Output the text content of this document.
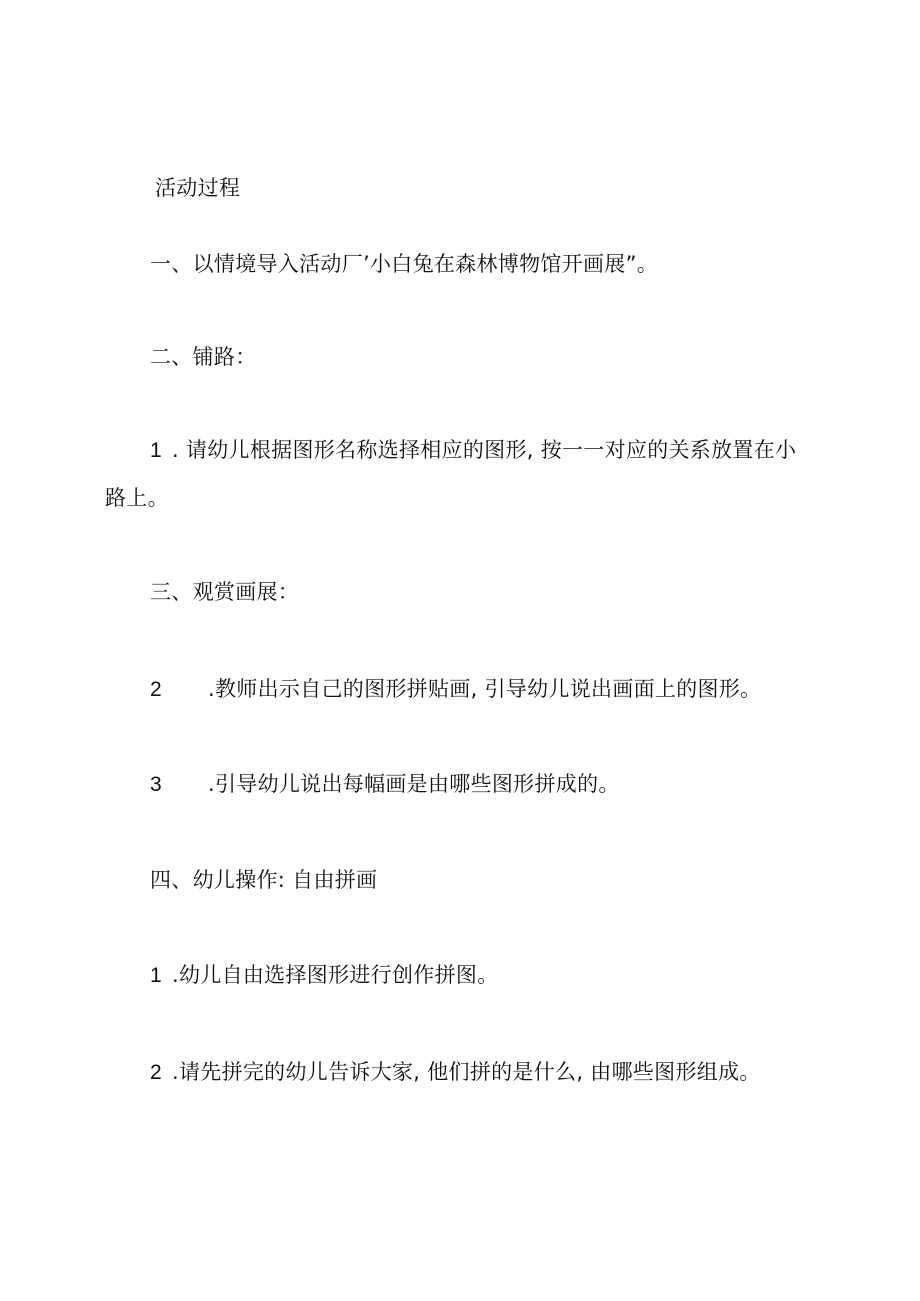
活动过程
一、以情境导入活动厂’小白兔在森林博物馆开画展”。
二、铺路：
1 . 请幼儿根据图形名称选择相应的图形, 按一一对应的关系放置在小
路上。
三、观赏画展：
2 .教师出示自己的图形拼贴画, 引导幼儿说出画面上的图形。
3 .引导幼儿说出每幅画是由哪些图形拼成的。
四、幼儿操作: 自由拼画
1 .幼儿自由选择图形进行创作拼图。
2 .请先拼完的幼儿告诉大家, 他们拼的是什么, 由哪些图形组成。
